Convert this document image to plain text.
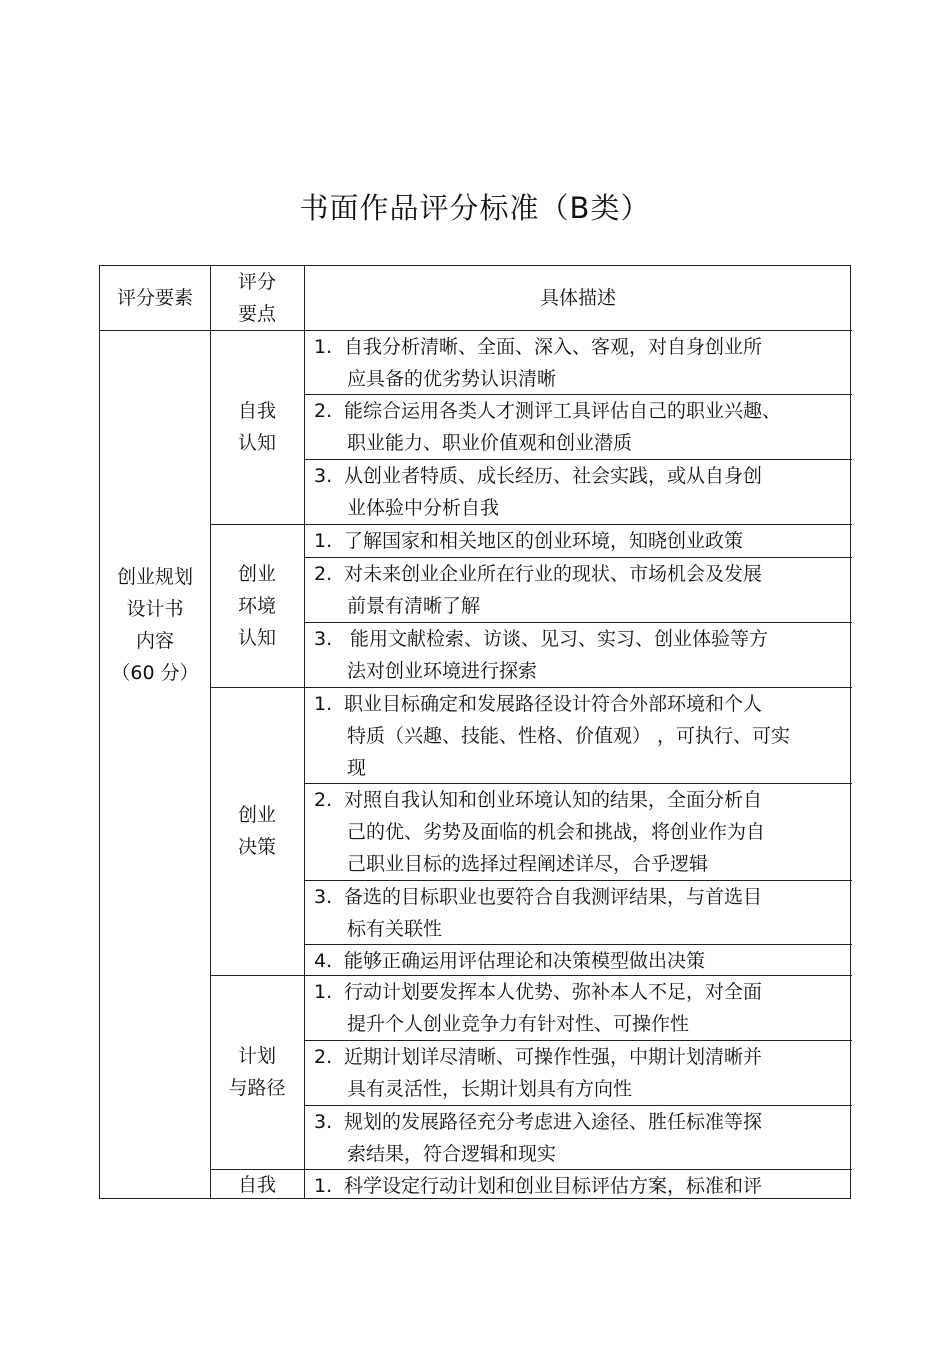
书面作品评分标准（B类）
评分要素
评分
要点
具体描述
创业规划
设计书
内容
（60 分）
自我
认知
1. 自我分析清晰、全面、深入、客观，对自身创业所
应具备的优劣势认识清晰
2. 能综合运用各类人才测评工具评估自己的职业兴趣、
职业能力、职业价值观和创业潜质
3. 从创业者特质、成长经历、社会实践，或从自身创
业体验中分析自我
创业
环境
认知
1. 了解国家和相关地区的创业环境，知晓创业政策
2. 对未来创业企业所在行业的现状、市场机会及发展
前景有清晰了解
3. 能用文献检索、访谈、见习、实习、创业体验等方
法对创业环境进行探索
创业
决策
1. 职业目标确定和发展路径设计符合外部环境和个人
特质（兴趣、技能、性格、价值观） ，可执行、可实
现
2. 对照自我认知和创业环境认知的结果，全面分析自
己的优、劣势及面临的机会和挑战，将创业作为自
己职业目标的选择过程阐述详尽，合乎逻辑
3. 备选的目标职业也要符合自我测评结果，与首选目
标有关联性
4. 能够正确运用评估理论和决策模型做出决策
计划
与路径
1. 行动计划要发挥本人优势、弥补本人不足，对全面
提升个人创业竞争力有针对性、可操作性
2. 近期计划详尽清晰、可操作性强，中期计划清晰并
具有灵活性，长期计划具有方向性
3. 规划的发展路径充分考虑进入途径、胜任标准等探
索结果，符合逻辑和现实
自我	1. 科学设定行动计划和创业目标评估方案，标准和评
